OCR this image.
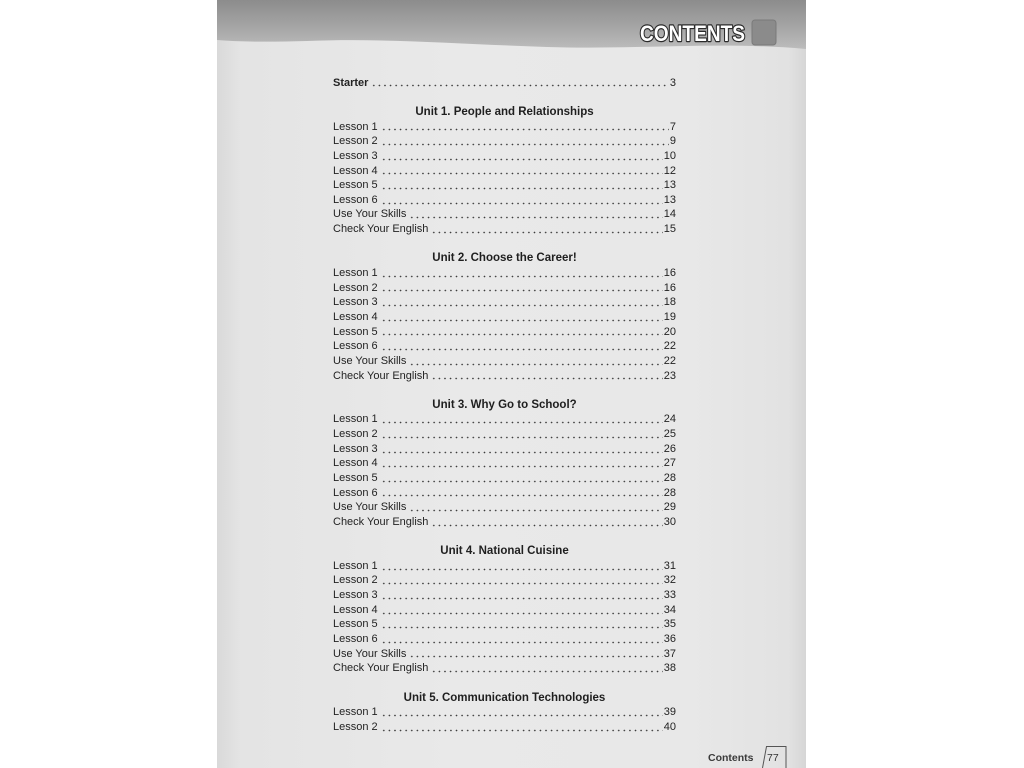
CONTENTS
Starter	3
Unit 1. People and Relationships
Lesson 1	7
Lesson 2	9
Lesson 3	10
Lesson 4	12
Lesson 5	13
Lesson 6	13
Use Your Skills	14
Check Your English	15
Unit 2. Choose the Career!
Lesson 1	16
Lesson 2	16
Lesson 3	18
Lesson 4	19
Lesson 5	20
Lesson 6	22
Use Your Skills	22
Check Your English	23
Unit 3. Why Go to School?
Lesson 1	24
Lesson 2	25
Lesson 3	26
Lesson 4	27
Lesson 5	28
Lesson 6	28
Use Your Skills	29
Check Your English	30
Unit 4. National Cuisine
Lesson 1	31
Lesson 2	32
Lesson 3	33
Lesson 4	34
Lesson 5	35
Lesson 6	36
Use Your Skills	37
Check Your English	38
Unit 5. Communication Technologies
Lesson 1	39
Lesson 2	40
Contents 77
